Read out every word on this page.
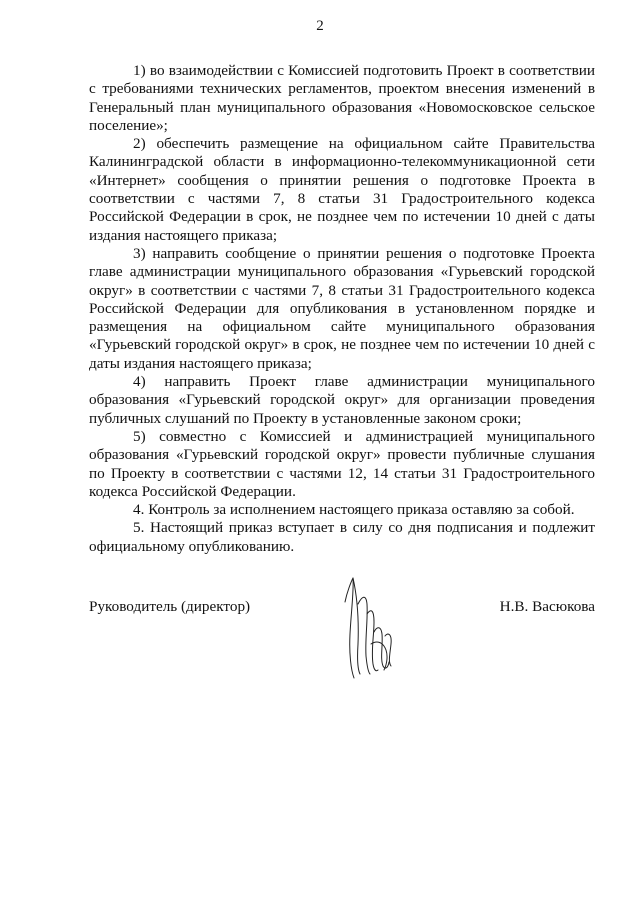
2

1) во взаимодействии с Комиссией подготовить Проект в соответствии с требованиями технических регламентов, проектом внесения изменений в Генеральный план муниципального образования «Новомосковское сельское поселение»;

2) обеспечить размещение на официальном сайте Правительства Калининградской области в информационно-телекоммуникационной сети «Интернет» сообщения о принятии решения о подготовке Проекта в соответствии с частями 7, 8 статьи 31 Градостроительного кодекса Российской Федерации в срок, не позднее чем по истечении 10 дней с даты издания настоящего приказа;

3) направить сообщение о принятии решения о подготовке Проекта главе администрации муниципального образования «Гурьевский городской округ» в соответствии с частями 7, 8 статьи 31 Градостроительного кодекса Российской Федерации для опубликования в установленном порядке и размещения на официальном сайте муниципального образования «Гурьевский городской округ» в срок, не позднее чем по истечении 10 дней с даты издания настоящего приказа;

4) направить Проект главе администрации муниципального образования «Гурьевский городской округ» для организации проведения публичных слушаний по Проекту в установленные законом сроки;

5) совместно с Комиссией и администрацией муниципального образования «Гурьевский городской округ» провести публичные слушания по Проекту в соответствии с частями 12, 14 статьи 31 Градостроительного кодекса Российской Федерации.

4. Контроль за исполнением настоящего приказа оставляю за собой.

5. Настоящий приказ вступает в силу со дня подписания и подлежит официальному опубликованию.

Руководитель (директор)	Н.В. Васюкова
